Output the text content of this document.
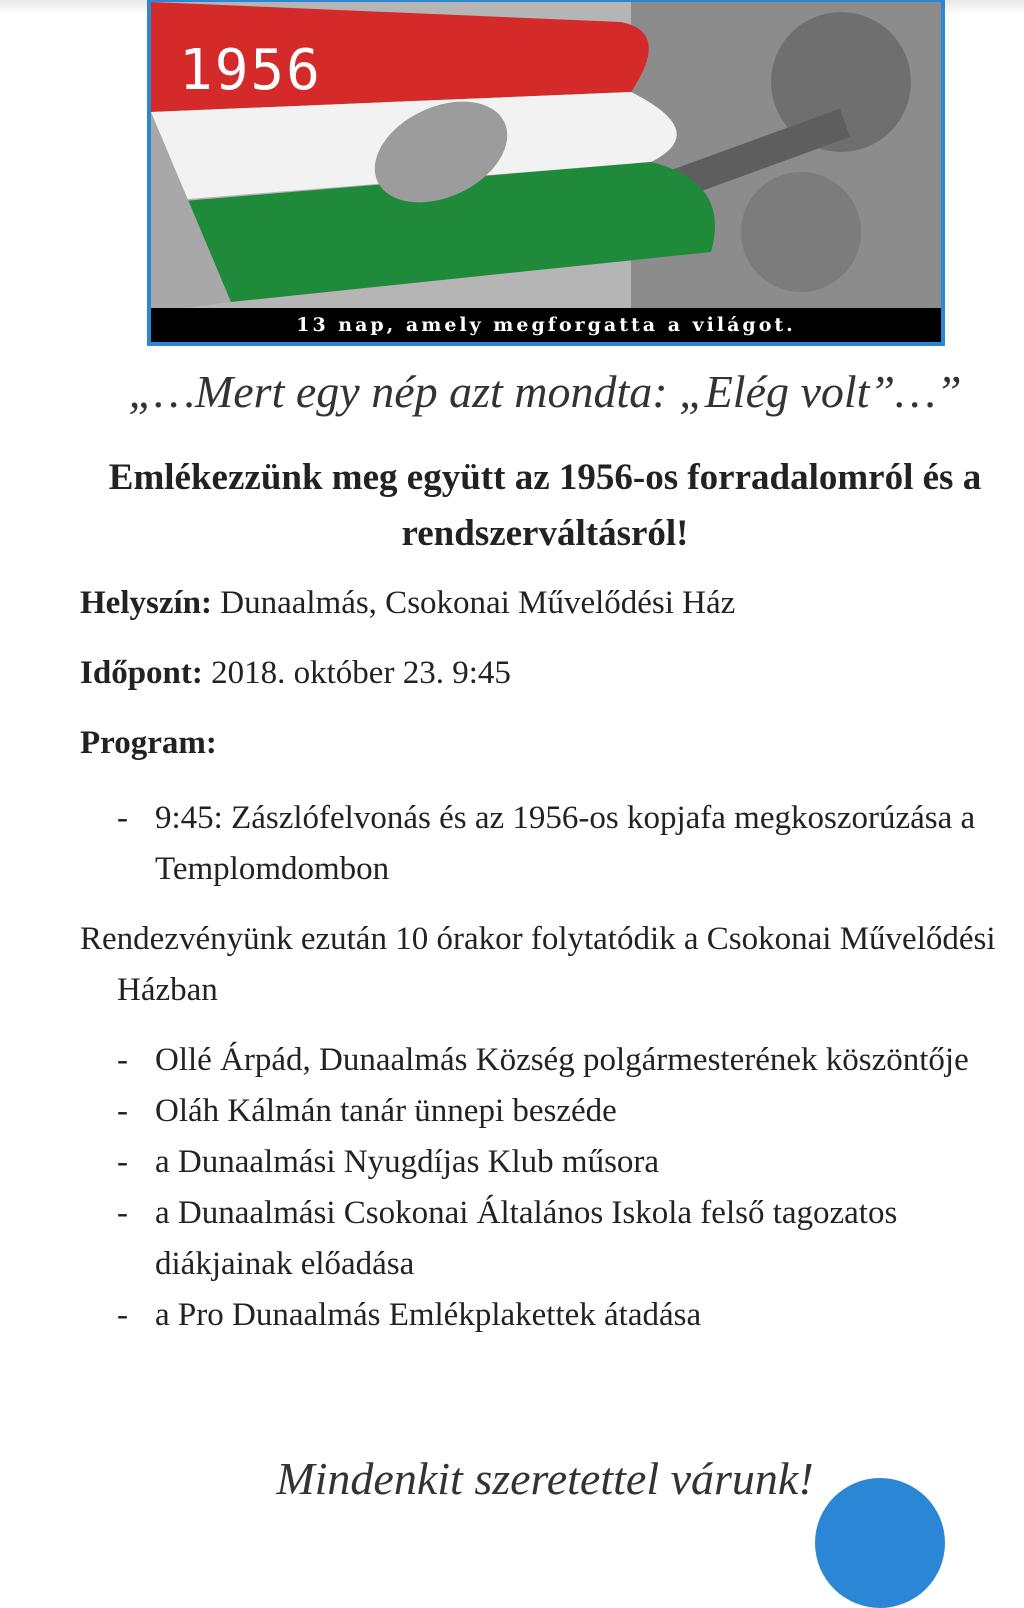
1956
13 nap, amely megforgatta a világot.
„…Mert egy nép azt mondta: „Elég volt”…”
Emlékezzünk meg együtt az 1956-os forradalomról és a rendszerváltásról!
Helyszín: Dunaalmás, Csokonai Művelődési Ház
Időpont: 2018. október 23. 9:45
Program:
- 9:45: Zászlófelvonás és az 1956-os kopjafa megkoszorúzása a Templomdombon
Rendezvényünk ezután 10 órakor folytatódik a Csokonai Művelődési Házban
- Ollé Árpád, Dunaalmás Község polgármesterének köszöntője
- Oláh Kálmán tanár ünnepi beszéde
- a Dunaalmási Nyugdíjas Klub műsora
- a Dunaalmási Csokonai Általános Iskola felső tagozatos diákjainak előadása
- a Pro Dunaalmás Emlékplakettek átadása
Mindenkit szeretettel várunk!
